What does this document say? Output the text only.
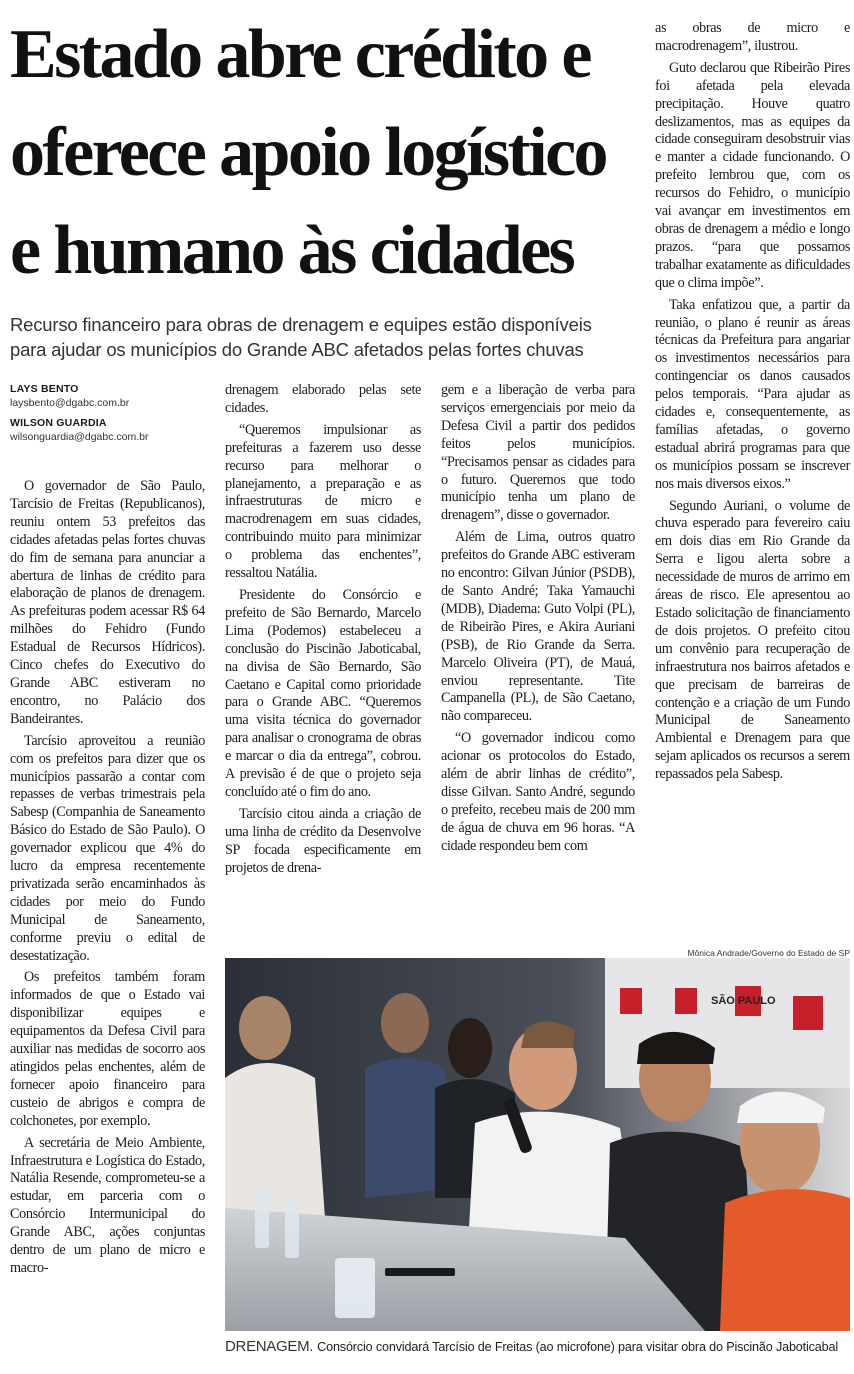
Estado abre crédito e
oferece apoio logístico
e humano às cidades
Recurso financeiro para obras de drenagem e equipes estão disponíveis
para ajudar os municípios do Grande ABC afetados pelas fortes chuvas
LAYS BENTO
laysbento@dgabc.com.br
WILSON GUARDIA
wilsonguardia@dgabc.com.br

O governador de São Paulo, Tarcísio de Freitas (Republicanos), reuniu ontem 53 prefeitos das cidades afetadas pelas fortes chuvas do fim de semana para anunciar a abertura de linhas de crédito para elaboração de planos de drenagem. As prefeituras podem acessar R$ 64 milhões do Fehidro (Fundo Estadual de Recursos Hídricos). Cinco chefes do Executivo do Grande ABC estiveram no encontro, no Palácio dos Bandeirantes.

Tarcísio aproveitou a reunião com os prefeitos para dizer que os municípios passarão a contar com repasses de verbas trimestrais pela Sabesp (Companhia de Saneamento Básico do Estado de São Paulo). O governador explicou que 4% do lucro da empresa recentemente privatizada serão encaminhados às cidades por meio do Fundo Municipal de Saneamento, conforme previu o edital de desestatização.

Os prefeitos também foram informados de que o Estado vai disponibilizar equipes e equipamentos da Defesa Civil para auxiliar nas medidas de socorro aos atingidos pelas enchentes, além de fornecer apoio financeiro para custeio de abrigos e compra de colchonetes, por exemplo.

A secretária de Meio Ambiente, Infraestrutura e Logística do Estado, Natália Resende, comprometeu-se a estudar, em parceria com o Consórcio Intermunicipal do Grande ABC, ações conjuntas dentro de um plano de micro e macro-

drenagem elaborado pelas sete cidades.

“Queremos impulsionar as prefeituras a fazerem uso desse recurso para melhorar o planejamento, a preparação e as infraestruturas de micro e macrodrenagem em suas cidades, contribuindo muito para minimizar o problema das enchentes”, ressaltou Natália.

Presidente do Consórcio e prefeito de São Bernardo, Marcelo Lima (Podemos) estabeleceu a conclusão do Piscinão Jaboticabal, na divisa de São Bernardo, São Caetano e Capital como prioridade para o Grande ABC. “Queremos uma visita técnica do governador para analisar o cronograma de obras e marcar o dia da entrega”, cobrou. A previsão é de que o projeto seja concluído até o fim do ano.

Tarcísio citou ainda a criação de uma linha de crédito da Desenvolve SP focada especificamente em projetos de drena-

gem e a liberação de verba para serviços emergenciais por meio da Defesa Civil a partir dos pedidos feitos pelos municípios. “Precisamos pensar as cidades para o futuro. Queremos que todo município tenha um plano de drenagem”, disse o governador.

Além de Lima, outros quatro prefeitos do Grande ABC estiveram no encontro: Gilvan Júnior (PSDB), de Santo André; Taka Yamauchi (MDB), Diadema: Guto Volpi (PL), de Ribeirão Pires, e Akira Auriani (PSB), de Rio Grande da Serra. Marcelo Oliveira (PT), de Mauá, enviou representante. Tite Campanella (PL), de São Caetano, não compareceu.

“O governador indicou como acionar os protocolos do Estado, além de abrir linhas de crédito”, disse Gilvan. Santo André, segundo o prefeito, recebeu mais de 200 mm de água de chuva em 96 horas. “A cidade respondeu bem com

as obras de micro e macrodrenagem”, ilustrou.

Guto declarou que Ribeirão Pires foi afetada pela elevada precipitação. Houve quatro deslizamentos, mas as equipes da cidade conseguiram desobstruir vias e manter a cidade funcionando. O prefeito lembrou que, com os recursos do Fehidro, o município vai avançar em investimentos em obras de drenagem a médio e longo prazos. “para que possamos trabalhar exatamente as dificuldades que o clima impõe”.

Taka enfatizou que, a partir da reunião, o plano é reunir as áreas técnicas da Prefeitura para angariar os investimentos necessários para contingenciar os danos causados pelos temporais. “Para ajudar as cidades e, consequentemente, as famílias afetadas, o governo estadual abrirá programas para que os municípios possam se inscrever nos mais diversos eixos.”

Segundo Auriani, o volume de chuva esperado para fevereiro caiu em dois dias em Rio Grande da Serra e ligou alerta sobre a necessidade de muros de arrimo em áreas de risco. Ele apresentou ao Estado solicitação de financiamento de dois projetos. O prefeito citou um convênio para recuperação de infraestrutura nos bairros afetados e que precisam de barreiras de contenção e a criação de um Fundo Municipal de Saneamento Ambiental e Drenagem para que sejam aplicados os recursos a serem repassados pela Sabesp.

Mônica Andrade/Governo do Estado de SP
SÃO PAULO
DRENAGEM. Consórcio convidará Tarcísio de Freitas (ao microfone) para visitar obra do Piscinão Jaboticabal
